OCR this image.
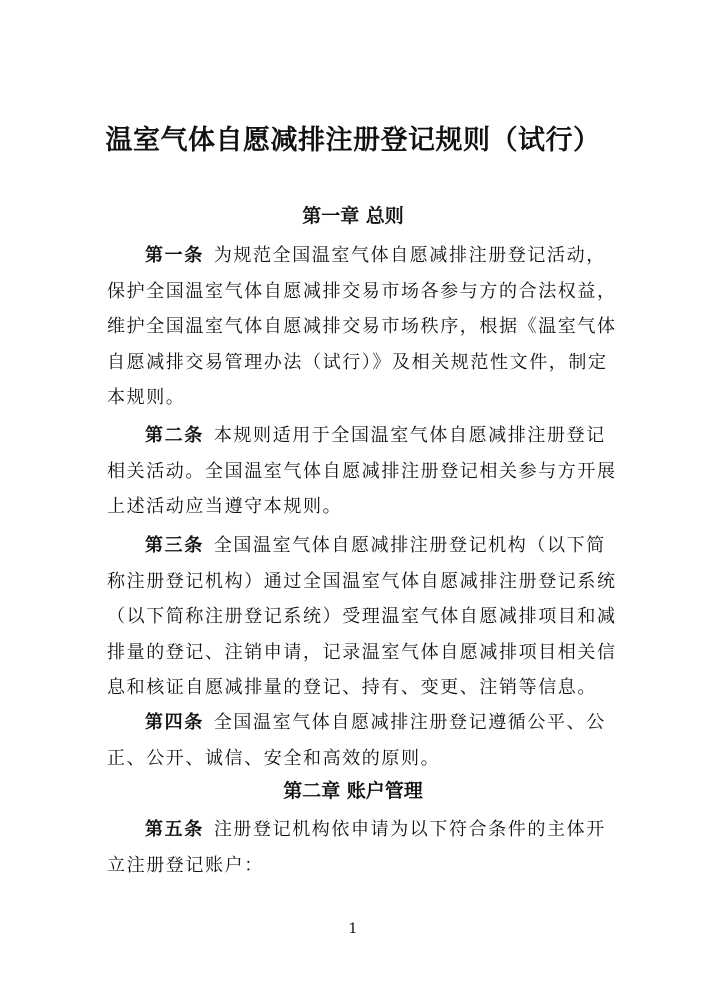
温室气体自愿减排注册登记规则（试行）
第一章 总则
第一条 为规范全国温室气体自愿减排注册登记活动，
保护全国温室气体自愿减排交易市场各参与方的合法权益，
维护全国温室气体自愿减排交易市场秩序，根据《温室气体
自愿减排交易管理办法（试行）》及相关规范性文件，制定
本规则。
第二条 本规则适用于全国温室气体自愿减排注册登记
相关活动。全国温室气体自愿减排注册登记相关参与方开展
上述活动应当遵守本规则。
第三条 全国温室气体自愿减排注册登记机构（以下简
称注册登记机构）通过全国温室气体自愿减排注册登记系统
（以下简称注册登记系统）受理温室气体自愿减排项目和减
排量的登记、注销申请，记录温室气体自愿减排项目相关信
息和核证自愿减排量的登记、持有、变更、注销等信息。
第四条 全国温室气体自愿减排注册登记遵循公平、公
正、公开、诚信、安全和高效的原则。
第二章 账户管理
第五条 注册登记机构依申请为以下符合条件的主体开
立注册登记账户：
1
